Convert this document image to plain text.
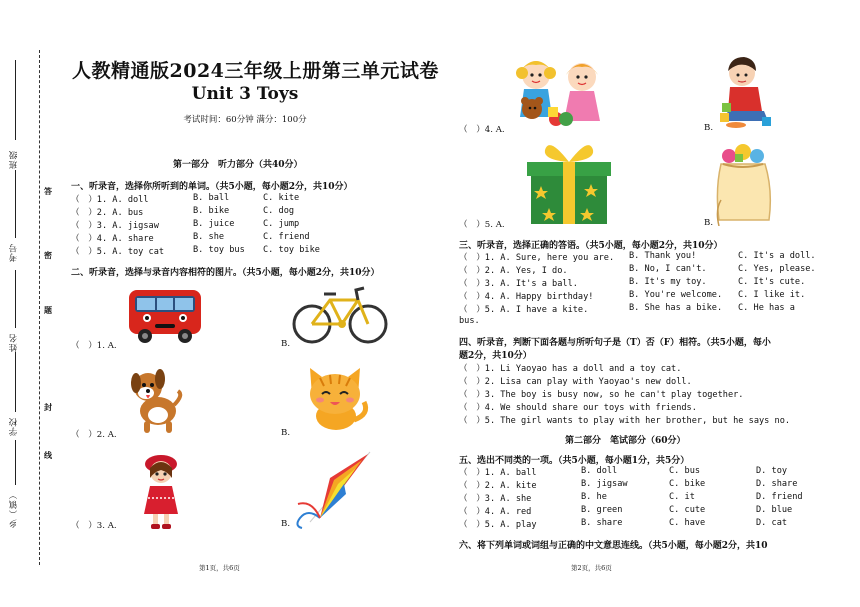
答
密
题
封
线
班级
考号
姓名
学校
乡（镇）
人教精通版2024三年级上册第三单元试卷
Unit 3 Toys
考试时间：60分钟 满分：100分
第一部分　听力部分（共40分）
一、听录音，选择你所听到的单词。（共5小题，每小题2分，共10分）
（　）1. A. doll	B. ball	C. kite
（　）2. A. bus	B. bike	C. dog
（　）3. A. jigsaw	B. juice	C. jump
（　）4. A. share	B. she	C. friend
（　）5. A. toy cat	B. toy bus C. toy bike
二、听录音，选择与录音内容相符的图片。（共5小题，每小题2分，共10分）
（　）1. A.	B.
（　）2. A.	B.
（　）3. A.	B.
第1页，共6页
（　）4. A.	B.
（　）5. A.	B.
三、听录音，选择正确的答语。（共5小题，每小题2分，共10分）
（　）1. A. Sure, here you are. B. Thank you!	C. It's a doll.
（　）2. A. Yes, I do.	B. No, I can't.	C. Yes, please.
（　）3. A. It's a ball.	B. It's my toy.	C. It's cute.
（　）4. A. Happy birthday!	B. You're welcome. C. I like it.
（　）5. A. I have a kite.	B. She has a bike. C. He has a
bus.
四、听录音，判断下面各题与所听句子是（T）否（F）相符。（共5小题，每小
题2分，共10分）
（　）1. Li Yaoyao has a doll and a toy cat.
（　）2. Lisa can play with Yaoyao's new doll.
（　）3. The boy is busy now, so he can't play together.
（　）4. We should share our toys with friends.
（　）5. The girl wants to play with her brother, but he says no.
第二部分　笔试部分（60分）
五、选出不同类的一项。（共5小题，每小题1分，共5分）
（　）1. A. ball	B. doll	C. bus	D. toy
（　）2. A. kite	B. jigsaw	C. bike	D. share
（　）3. A. she	B. he	C. it	D. friend
（　）4. A. red	B. green	C. cute	D. blue
（　）5. A. play	B. share	C. have	D. cat
六、将下列单词或词组与正确的中文意思连线。（共5小题，每小题2分，共10
第2页，共6页
